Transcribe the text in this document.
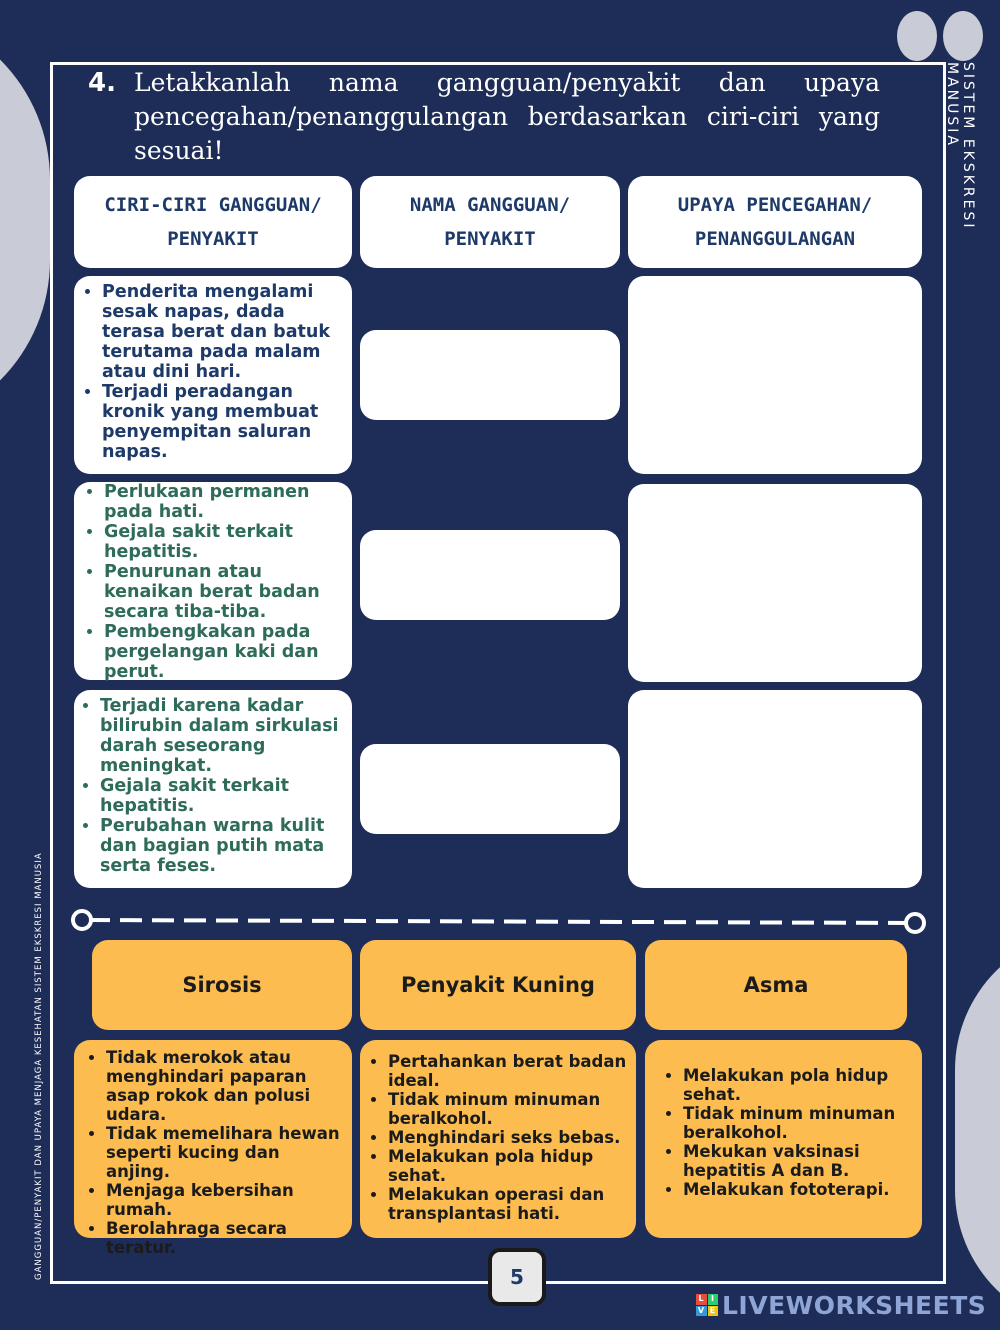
SISTEM EKSKRESI MANUSIA
GANGGUAN/PENYAKIT DAN UPAYA MENJAGA KESEHATAN SISTEM EKSKRESI MANUSIA
4. Letakkanlah nama gangguan/penyakit dan upaya pencegahan/penanggulangan berdasarkan ciri-ciri yang sesuai!
CIRI-CIRI GANGGUAN/ PENYAKIT
NAMA GANGGUAN/ PENYAKIT
UPAYA PENCEGAHAN/ PENANGGULANGAN
• Penderita mengalami sesak napas, dada terasa berat dan batuk terutama pada malam atau dini hari.
• Terjadi peradangan kronik yang membuat penyempitan saluran napas.
• Perlukaan permanen pada hati.
• Gejala sakit terkait hepatitis.
• Penurunan atau kenaikan berat badan secara tiba-tiba.
• Pembengkakan pada pergelangan kaki dan perut.
• Terjadi karena kadar bilirubin dalam sirkulasi darah seseorang meningkat.
• Gejala sakit terkait hepatitis.
• Perubahan warna kulit dan bagian putih mata serta feses.
Sirosis	Penyakit Kuning	Asma
• Tidak merokok atau menghindari paparan asap rokok dan polusi udara.
• Tidak memelihara hewan seperti kucing dan anjing.
• Menjaga kebersihan rumah.
• Berolahraga secara teratur.
• Pertahankan berat badan ideal.
• Tidak minum minuman beralkohol.
• Menghindari seks bebas.
• Melakukan pola hidup sehat.
• Melakukan operasi dan transplantasi hati.
• Melakukan pola hidup sehat.
• Tidak minum minuman beralkohol.
• Mekukan vaksinasi hepatitis A dan B.
• Melakukan fototerapi.
5
L I
V E LIVEWORKSHEETS
